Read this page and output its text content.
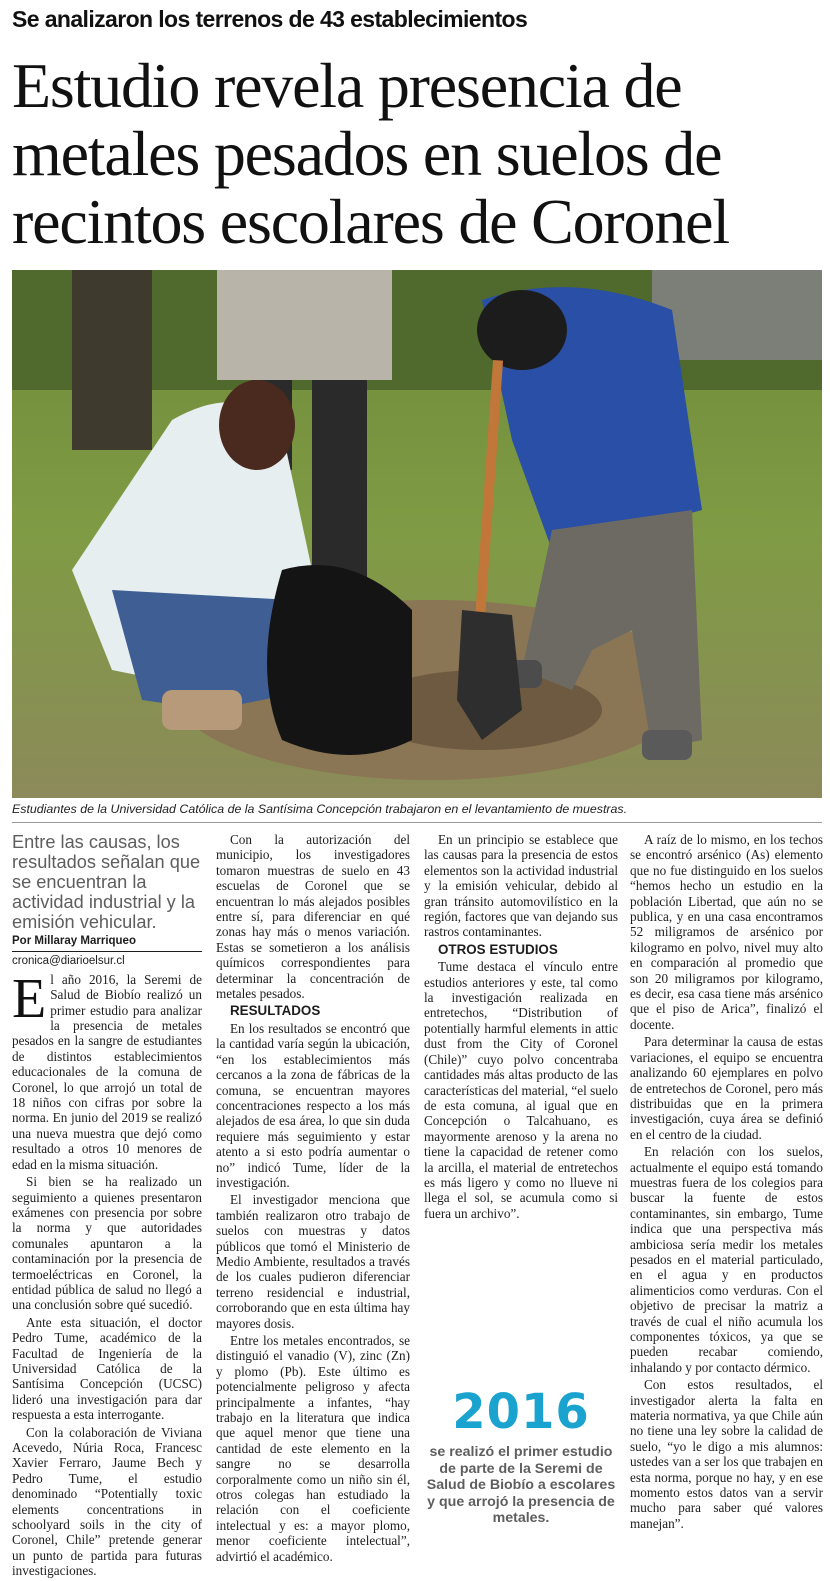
Se analizaron los terrenos de 43 establecimientos
Estudio revela presencia de
metales pesados en suelos de
recintos escolares de Coronel
Estudiantes de la Universidad Católica de la Santísima Concepción trabajaron en el levantamiento de muestras.

Entre las causas, los resultados señalan que se encuentran la actividad industrial y la emisión vehicular.

Por Millaray Marriqueo

cronica@diarioelsur.cl

El año 2016, la Seremi de Salud de Biobío realizó un primer estudio para analizar la presencia de metales pesados en la sangre de estudiantes de distintos establecimientos educacionales de la comuna de Coronel, lo que arrojó un total de 18 niños con cifras por sobre la norma. En junio del 2019 se realizó una nueva muestra que dejó como resultado a otros 10 menores de edad en la misma situación.

Si bien se ha realizado un seguimiento a quienes presentaron exámenes con presencia por sobre la norma y que autoridades comunales apuntaron a la contaminación por la presencia de termoeléctricas en Coronel, la entidad pública de salud no llegó a una conclusión sobre qué sucedió.

Ante esta situación, el doctor Pedro Tume, académico de la Facultad de Ingeniería de la Universidad Católica de la Santísima Concepción (UCSC) lideró una investigación para dar respuesta a esta interrogante.

Con la colaboración de Viviana Acevedo, Núria Roca, Francesc Xavier Ferraro, Jaume Bech y Pedro Tume, el estudio denominado “Potentially toxic elements concentrations in schoolyard soils in the city of Coronel, Chile” pretende generar un punto de partida para futuras investigaciones.

Con la autorización del municipio, los investigadores tomaron muestras de suelo en 43 escuelas de Coronel que se encuentran lo más alejados posibles entre sí, para diferenciar en qué zonas hay más o menos variación. Estas se sometieron a los análisis químicos correspondientes para determinar la concentración de metales pesados.

RESULTADOS

En los resultados se encontró que la cantidad varía según la ubicación, “en los establecimientos más cercanos a la zona de fábricas de la comuna, se encuentran mayores concentraciones respecto a los más alejados de esa área, lo que sin duda requiere más seguimiento y estar atento a si esto podría aumentar o no” indicó Tume, líder de la investigación.

El investigador menciona que también realizaron otro trabajo de suelos con muestras y datos públicos que tomó el Ministerio de Medio Ambiente, resultados a través de los cuales pudieron diferenciar terreno residencial e industrial, corroborando que en esta última hay mayores dosis.

Entre los metales encontrados, se distinguió el vanadio (V), zinc (Zn) y plomo (Pb). Este último es potencialmente peligroso y afecta principalmente a infantes, “hay trabajo en la literatura que indica que aquel menor que tiene una cantidad de este elemento en la sangre no se desarrolla corporalmente como un niño sin él, otros colegas han estudiado la relación con el coeficiente intelectual y es: a mayor plomo, menor coeficiente intelectual”, advirtió el académico.

En un principio se establece que las causas para la presencia de estos elementos son la actividad industrial y la emisión vehicular, debido al gran tránsito automovilístico en la región, factores que van dejando sus rastros contaminantes.

OTROS ESTUDIOS

Tume destaca el vínculo entre estudios anteriores y este, tal como la investigación realizada en entretechos, “Distribution of potentially harmful elements in attic dust from the City of Coronel (Chile)” cuyo polvo concentraba cantidades más altas producto de las características del material, “el suelo de esta comuna, al igual que en Concepción o Talcahuano, es mayormente arenoso y la arena no tiene la capacidad de retener como la arcilla, el material de entretechos es más ligero y como no llueve ni llega el sol, se acumula como si fuera un archivo”.

2016
se realizó el primer estudio de parte de la Seremi de Salud de Biobío a escolares y que arrojó la presencia de metales.

A raíz de lo mismo, en los techos se encontró arsénico (As) elemento que no fue distinguido en los suelos “hemos hecho un estudio en la población Libertad, que aún no se publica, y en una casa encontramos 52 miligramos de arsénico por kilogramo en polvo, nivel muy alto en comparación al promedio que son 20 miligramos por kilogramo, es decir, esa casa tiene más arsénico que el piso de Arica”, finalizó el docente.

Para determinar la causa de estas variaciones, el equipo se encuentra analizando 60 ejemplares en polvo de entretechos de Coronel, pero más distribuidas que en la primera investigación, cuya área se definió en el centro de la ciudad.

En relación con los suelos, actualmente el equipo está tomando muestras fuera de los colegios para buscar la fuente de estos contaminantes, sin embargo, Tume indica que una perspectiva más ambiciosa sería medir los metales pesados en el material particulado, en el agua y en productos alimenticios como verduras. Con el objetivo de precisar la matriz a través de cual el niño acumula los componentes tóxicos, ya que se pueden recabar comiendo, inhalando y por contacto dérmico.

Con estos resultados, el investigador alerta la falta en materia normativa, ya que Chile aún no tiene una ley sobre la calidad de suelo, “yo le digo a mis alumnos: ustedes van a ser los que trabajen en esta norma, porque no hay, y en ese momento estos datos van a servir mucho para saber qué valores manejan”.
